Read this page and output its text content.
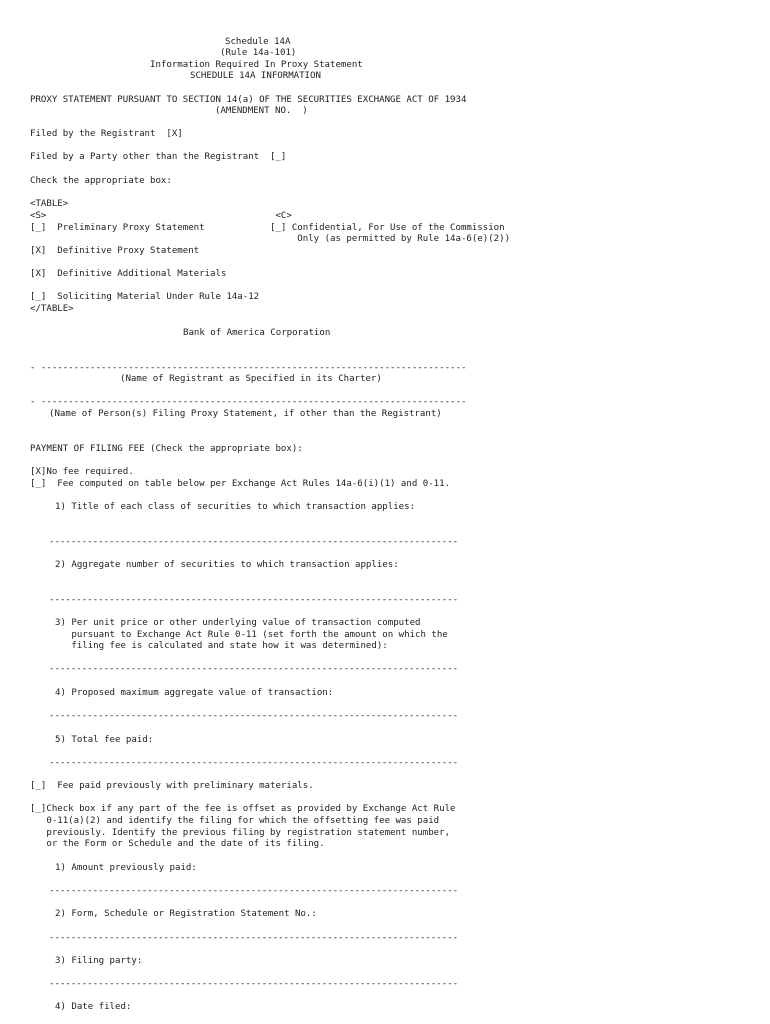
Schedule 14A
(Rule 14a-101)
Information Required In Proxy Statement
SCHEDULE 14A INFORMATION
PROXY STATEMENT PURSUANT TO SECTION 14(a) OF THE SECURITIES EXCHANGE ACT OF 1934
(AMENDMENT NO.  )
Filed by the Registrant  [X]
Filed by a Party other than the Registrant  [_]
Check the appropriate box:
<TABLE>
<S>                                          <C>
[_]  Preliminary Proxy Statement            [_] Confidential, For Use of the Commission
Only (as permitted by Rule 14a-6(e)(2))
[X]  Definitive Proxy Statement
[X]  Definitive Additional Materials
[_]  Soliciting Material Under Rule 14a-12
</TABLE>
Bank of America Corporation
- ------------------------------------------------------------------------------
(Name of Registrant as Specified in its Charter)
- ------------------------------------------------------------------------------
(Name of Person(s) Filing Proxy Statement, if other than the Registrant)
PAYMENT OF FILING FEE (Check the appropriate box):
[X]No fee required.
[_]  Fee computed on table below per Exchange Act Rules 14a-6(i)(1) and 0-11.
1) Title of each class of securities to which transaction applies:
---------------------------------------------------------------------------
2) Aggregate number of securities to which transaction applies:
---------------------------------------------------------------------------
3) Per unit price or other underlying value of transaction computed
pursuant to Exchange Act Rule 0-11 (set forth the amount on which the
filing fee is calculated and state how it was determined):
---------------------------------------------------------------------------
4) Proposed maximum aggregate value of transaction:
---------------------------------------------------------------------------
5) Total fee paid:
---------------------------------------------------------------------------
[_]  Fee paid previously with preliminary materials.
[_]Check box if any part of the fee is offset as provided by Exchange Act Rule
0-11(a)(2) and identify the filing for which the offsetting fee was paid
previously. Identify the previous filing by registration statement number,
or the Form or Schedule and the date of its filing.
1) Amount previously paid:
---------------------------------------------------------------------------
2) Form, Schedule or Registration Statement No.:
---------------------------------------------------------------------------
3) Filing party:
---------------------------------------------------------------------------
4) Date filed:
